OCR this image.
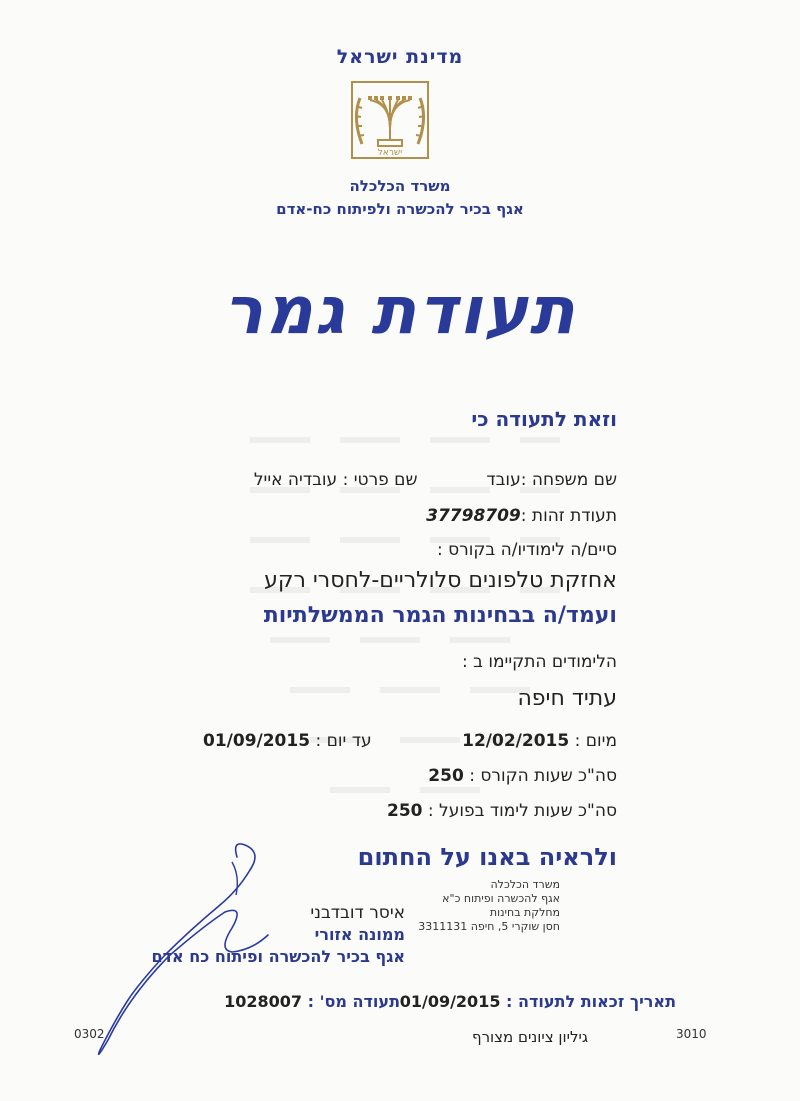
מדינת ישראל
ישראל
משרד הכלכלה
אגף בכיר להכשרה ולפיתוח כח-אדם
תעודת גמר
וזאת לתעודה כי
שם משפחה :עובד  שם פרטי : עובדיה אייל
תעודת זהות :37798709
סיים/ה לימודיו/ה בקורס :
אחזקת טלפונים סלולריים-לחסרי רקע
ועמד/ה בבחינות הגמר הממשלתיות
הלימודים התקיימו ב :
עתיד חיפה
מיום : 12/02/2015
עד יום : 01/09/2015
סה"כ שעות הקורס : 250
סה"כ שעות לימוד בפועל : 250
ולראיה באנו על החתום
איסר דובדבני
ממונה אזורי
אגף בכיר להכשרה ופיתוח כח אדם
משרד הכלכלה
אגף להכשרה ופיתוח כ"א
מחלקת בחינות
חסן שוקרי 5, חיפה 3311131
תעודה מס' : 1028007	תאריך זכאות לתעודה : 01/09/2015
גיליון ציונים מצורף
0302	3010
